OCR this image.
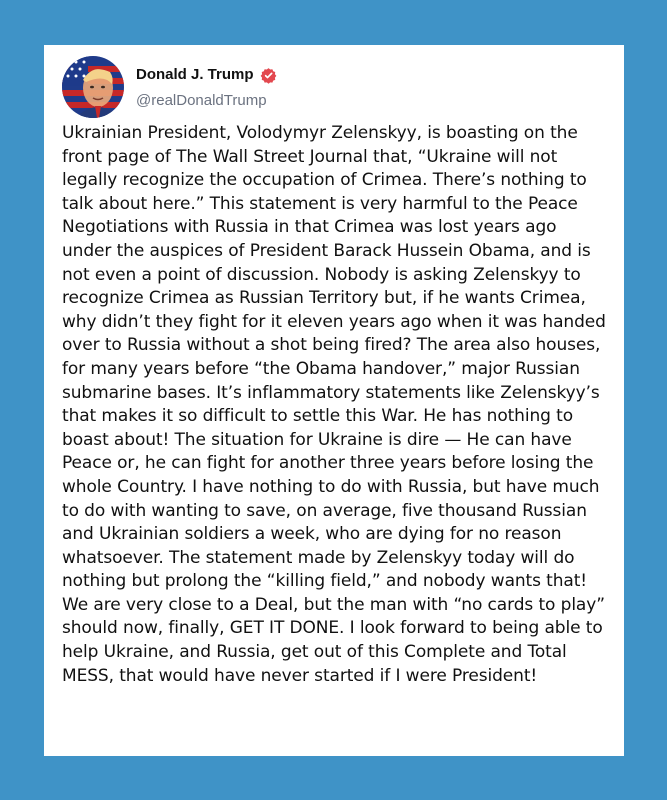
Donald J. Trump
@realDonaldTrump

Ukrainian President, Volodymyr Zelenskyy, is boasting on the front page of The Wall Street Journal that, “Ukraine will not legally recognize the occupation of Crimea. There’s nothing to talk about here.” This statement is very harmful to the Peace Negotiations with Russia in that Crimea was lost years ago under the auspices of President Barack Hussein Obama, and is not even a point of discussion. Nobody is asking Zelenskyy to recognize Crimea as Russian Territory but, if he wants Crimea, why didn’t they fight for it eleven years ago when it was handed over to Russia without a shot being fired? The area also houses, for many years before “the Obama handover,” major Russian submarine bases. It’s inflammatory statements like Zelenskyy’s that makes it so difficult to settle this War. He has nothing to boast about! The situation for Ukraine is dire — He can have Peace or, he can fight for another three years before losing the whole Country. I have nothing to do with Russia, but have much to do with wanting to save, on average, five thousand Russian and Ukrainian soldiers a week, who are dying for no reason whatsoever. The statement made by Zelenskyy today will do nothing but prolong the “killing field,” and nobody wants that! We are very close to a Deal, but the man with “no cards to play” should now, finally, GET IT DONE. I look forward to being able to help Ukraine, and Russia, get out of this Complete and Total MESS, that would have never started if I were President!
